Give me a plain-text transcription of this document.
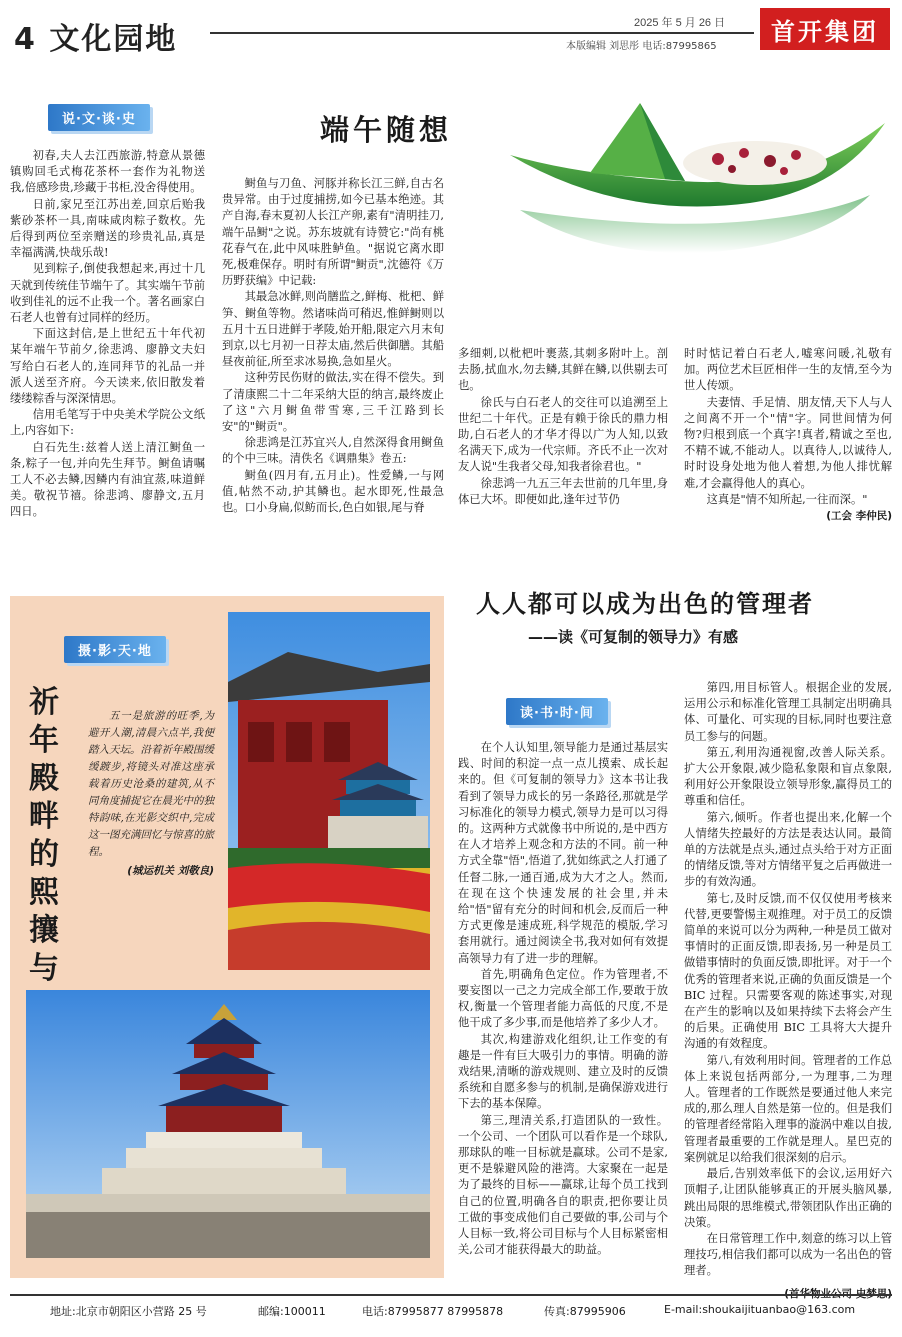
4 文化园地	2025 年 5 月 26 日
本版编辑 刘思彤 电话:87995865
首开集团
说·文·谈·史	端午随想

初春,夫人去江西旅游,特意从景德镇购回毛式梅花茶杯一套作为礼物送我,倍感珍贵,珍藏于书柜,没舍得使用。

日前,家兄至江苏出差,回京后贻我紫砂茶杯一具,南味咸肉粽子数枚。先后得到两位至亲赠送的珍贵礼品,真是幸福满满,快哉乐哉!

见到粽子,倒使我想起来,再过十几天就到传统佳节端午了。其实端午节前收到佳礼的远不止我一个。著名画家白石老人也曾有过同样的经历。

下面这封信,是上世纪五十年代初某年端午节前夕,徐悲鸿、廖静文夫妇写给白石老人的,连同拜节的礼品一并派人送至齐府。今天读来,依旧散发着缕缕粽香与深深情思。

信用毛笔写于中央美术学院公文纸上,内容如下:

白石先生:兹着人送上清江鲥鱼一条,粽子一包,并向先生拜节。鲥鱼请嘱工人不必去鳞,因鳞内有油宜蒸,味道鲜美。敬祝节禧。徐悲鸿、廖静文,五月四日。

鲥鱼与刀鱼、河豚并称长江三鲜,自古名贵异常。由于过度捕捞,如今已基本绝迹。其产自海,春末夏初人长江产卵,素有"清明挂刀,端午品鲥"之说。苏东坡就有诗赞它:"尚有桃花春气在,此中风味胜鲈鱼。"据说它离水即死,极难保存。明时有所谓"鲥贡",沈德符《万历野获编》中记载:

其最急冰鲜,则尚膳监之,鲜梅、枇杷、鲜笋、鲥鱼等物。然诸味尚可稍迟,惟鲜鲥则以五月十五日进鲜于孝陵,始开船,限定六月末旬到京,以七月初一日荐太庙,然后供御膳。其船昼夜前征,所至求冰易换,急如星火。

这种劳民伤财的做法,实在得不偿失。到了清康熙二十二年采纳大臣的纳言,最终废止了这"六月鲥鱼带雪寒,三千江路到长安"的"鲥贡"。

徐悲鸿是江苏宜兴人,自然深得食用鲥鱼的个中三味。清佚名《调鼎集》卷五:

鲥鱼(四月有,五月止)。性爱鳞,一与网值,帖然不动,护其鳞也。起水即死,性最急也。口小身扁,似鲂而长,色白如银,尾与脊

多细刺,以枇杷叶裹蒸,其刺多附叶上。剖去肠,拭血水,勿去鳞,其鲜在鳞,以供剔去可也。

徐氏与白石老人的交往可以追溯至上世纪二十年代。正是有赖于徐氏的鼎力相助,白石老人的才华才得以广为人知,以致名满天下,成为一代宗师。齐氏不止一次对友人说"生我者父母,知我者徐君也。"

徐悲鸿一九五三年去世前的几年里,身体已大坏。即便如此,逢年过节仍

时时惦记着白石老人,嘘寒问暖,礼敬有加。两位艺术巨匠相伴一生的友情,至今为世人传颂。

夫妻情、手足情、朋友情,天下人与人之间离不开一个"情"字。同世间情为何物?归根到底一个真字!真者,精诚之至也,不精不诚,不能动人。以真待人,以诚待人,时时设身处地为他人着想,为他人排忧解难,才会赢得他人的真心。

这真是"情不知所起,一往而深。"

(工会 李仲民)
摄·影·天·地
祈年殿畔的熙攘与

五一是旅游的旺季,为避开人潮,清晨六点半,我便踏入天坛。沿着祈年殿围缓缓踱步,将镜头对准这座承载着历史沧桑的建筑,从不同角度捕捉它在晨光中的独特韵味,在光影交织中,完成这一图充满回忆与惊喜的旅程。

(城运机关 刘敬良)
人人都可以成为出色的管理者
——读《可复制的领导力》有感
读·书·时·间

在个人认知里,领导能力是通过基层实践、时间的积淀一点一点儿摸索、成长起来的。但《可复制的领导力》这本书让我看到了领导力成长的另一条路径,那就是学习标准化的领导力模式,领导力是可以习得的。这两种方式就像书中所说的,是中西方在人才培养上观念和方法的不同。前一种方式全靠"悟",悟道了,犹如练武之人打通了任督二脉,一通百通,成为大才之人。然而,在现在这个快速发展的社会里,并未给"悟"留有充分的时间和机会,反而后一种方式更像是速成班,科学规范的模版,学习套用就行。通过阅读全书,我对如何有效提高领导力有了进一步的理解。

首先,明确角色定位。作为管理者,不要妄图以一己之力完成全部工作,要敢于放权,衡量一个管理者能力高低的尺度,不是他干成了多少事,而是他培养了多少人才。

其次,构建游戏化组织,让工作变的有趣是一件有巨大吸引力的事情。明确的游戏结果,清晰的游戏规则、建立及时的反馈系统和自愿多参与的机制,是确保游戏进行下去的基本保障。

第三,理清关系,打造团队的一致性。一个公司、一个团队可以看作是一个球队,那球队的唯一目标就是赢球。公司不是家,更不是躲避风险的港湾。大家聚在一起是为了最终的目标——赢球,让每个员工找到自己的位置,明确各自的职责,把你要让员工做的事变成他们自己要做的事,公司与个人目标一致,将公司目标与个人目标紧密相关,公司才能获得最大的助益。

第四,用目标管人。根据企业的发展,运用公示和标准化管理工具制定出明确具体、可量化、可实现的目标,同时也要注意员工参与的问题。

第五,利用沟通视窗,改善人际关系。扩大公开象限,减少隐私象限和盲点象限,利用好公开象限设立领导形象,赢得员工的尊重和信任。

第六,倾听。作者也提出来,化解一个人情绪失控最好的方法是表达认同。最简单的方法就是点头,通过点头给于对方正面的情绪反馈,等对方情绪平复之后再做进一步的有效沟通。

第七,及时反馈,而不仅仅使用考核来代替,更要警惕主观推理。对于员工的反馈简单的来说可以分为两种,一种是员工做对事情时的正面反馈,即表扬,另一种是员工做错事情时的负面反馈,即批评。对于一个优秀的管理者来说,正确的负面反馈是一个 BIC 过程。只需要客观的陈述事实,对现在产生的影响以及如果持续下去将会产生的后果。正确使用 BIC 工具将大大提升沟通的有效程度。

第八,有效利用时间。管理者的工作总体上来说包括两部分,一为理事,二为理人。管理者的工作既然是要通过他人来完成的,那么理人自然是第一位的。但是我们的管理者经常陷入理事的漩涡中难以自拔,管理者最重要的工作就是理人。星巴克的案例就足以给我们很深刻的启示。

最后,告别效率低下的会议,运用好六顶帽子,让团队能够真正的开展头脑风暴,跳出局限的思维模式,带领团队作出正确的决策。

在日常管理工作中,刻意的练习以上管理技巧,相信我们都可以成为一名出色的管理者。

地址:北京市朝阳区小营路 25 号	邮编:100011	电话:87995877 87995878	传真:87995906	E-mail:shoukaijituanbao@163.com
